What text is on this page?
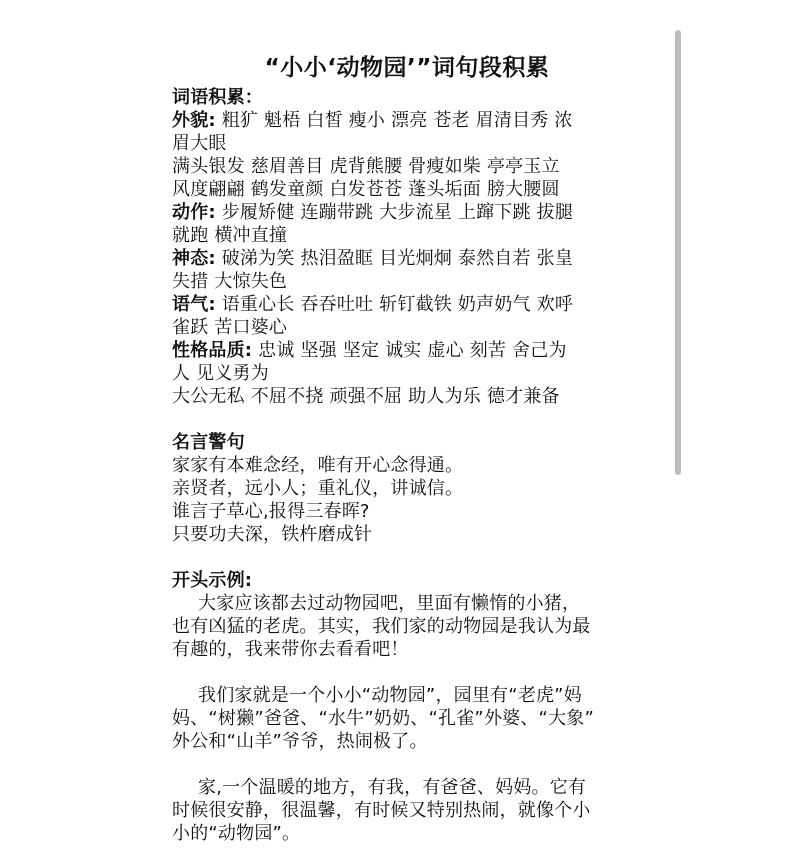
“小小‘动物园’”词句段积累
词语积累：
外貌: 粗犷 魁梧 白皙 瘦小 漂亮 苍老 眉清目秀 浓
眉大眼
满头银发 慈眉善目 虎背熊腰 骨瘦如柴 亭亭玉立
风度翩翩 鹤发童颜 白发苍苍 蓬头垢面 膀大腰圆
动作: 步履矫健 连蹦带跳 大步流星 上蹿下跳 拔腿
就跑 横冲直撞
神态: 破涕为笑 热泪盈眶 目光炯炯 泰然自若 张皇
失措 大惊失色
语气: 语重心长 吞吞吐吐 斩钉截铁 奶声奶气 欢呼
雀跃 苦口婆心
性格品质: 忠诚 坚强 坚定 诚实 虚心 刻苦 舍己为
人 见义勇为
大公无私 不屈不挠 顽强不屈 助人为乐 德才兼备
名言警句
家家有本难念经，唯有开心念得通。
亲贤者，远小人；重礼仪，讲诚信。
谁言子草心,报得三春晖?
只要功夫深，铁杵磨成针
开头示例:
大家应该都去过动物园吧，里面有懒惰的小猪，
也有凶猛的老虎。其实，我们家的动物园是我认为最
有趣的，我来带你去看看吧！
我们家就是一个小小“动物园”，园里有“老虎”妈
妈、“树獭”爸爸、“水牛”奶奶、“孔雀”外婆、“大象”
外公和“山羊”爷爷，热闹极了。
家,一个温暖的地方，有我，有爸爸、妈妈。它有
时候很安静，很温馨，有时候又特别热闹，就像个小
小的“动物园”。
